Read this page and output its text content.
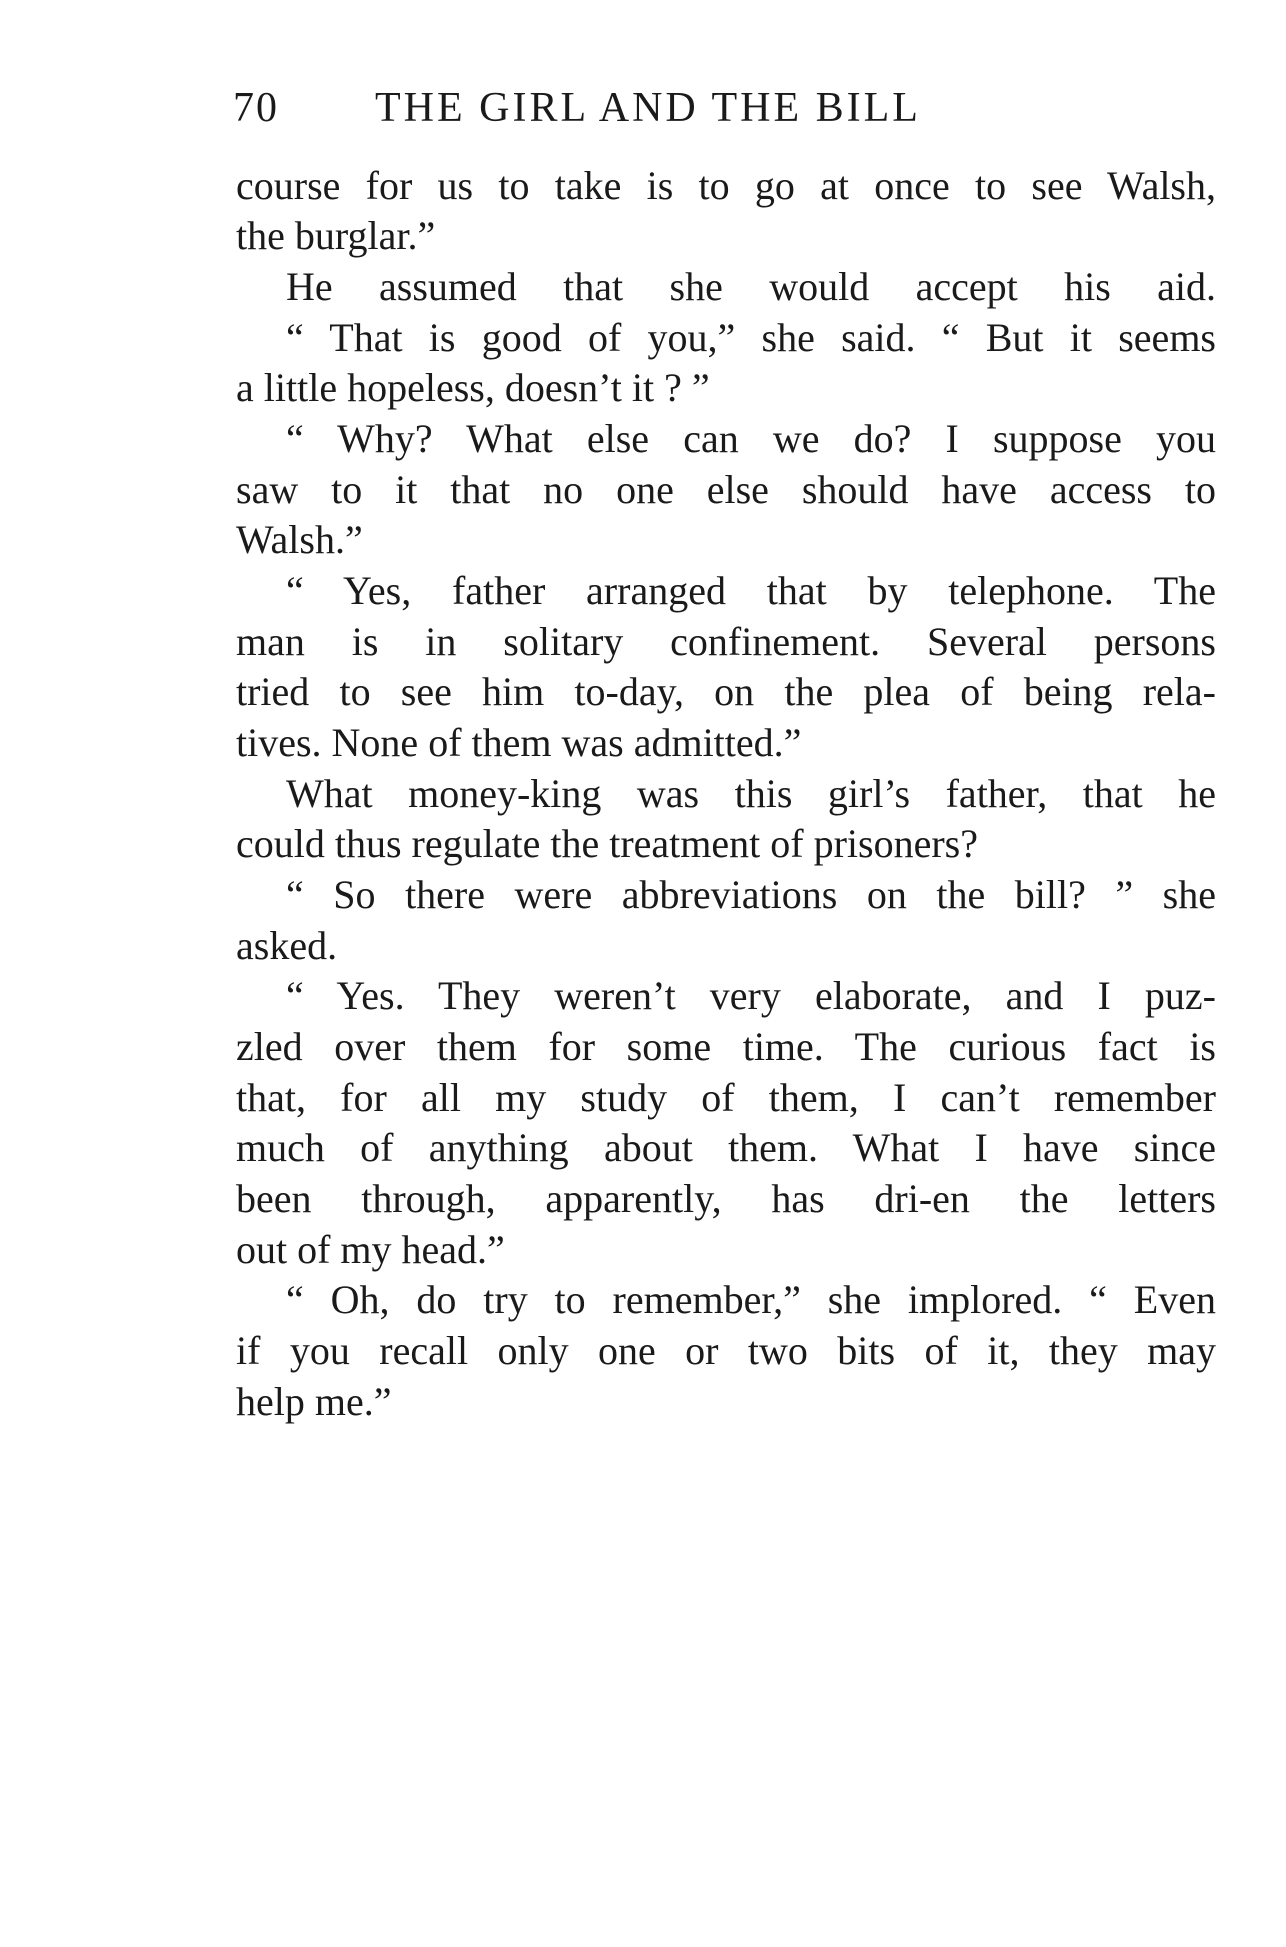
70 THE GIRL AND THE BILL
course for us to take is to go at once to see Walsh,
the burglar.”
He assumed that she would accept his aid.
“ That is good of you,” she said. “ But it seems
a little hopeless, doesn’t it ? ”
“ Why? What else can we do? I suppose you
saw to it that no one else should have access to
Walsh.”
“ Yes, father arranged that by telephone. The
man is in solitary confinement. Several persons
tried to see him to-day, on the plea of being rela-
tives. None of them was admitted.”
What money-king was this girl’s father, that he
could thus regulate the treatment of prisoners?
“ So there were abbreviations on the bill? ” she
asked.
“ Yes. They weren’t very elaborate, and I puz-
zled over them for some time. The curious fact is
that, for all my study of them, I can’t remember
much of anything about them. What I have since
been through, apparently, has dri-en the letters
out of my head.”
“ Oh, do try to remember,” she implored. “ Even
if you recall only one or two bits of it, they may
help me.”
